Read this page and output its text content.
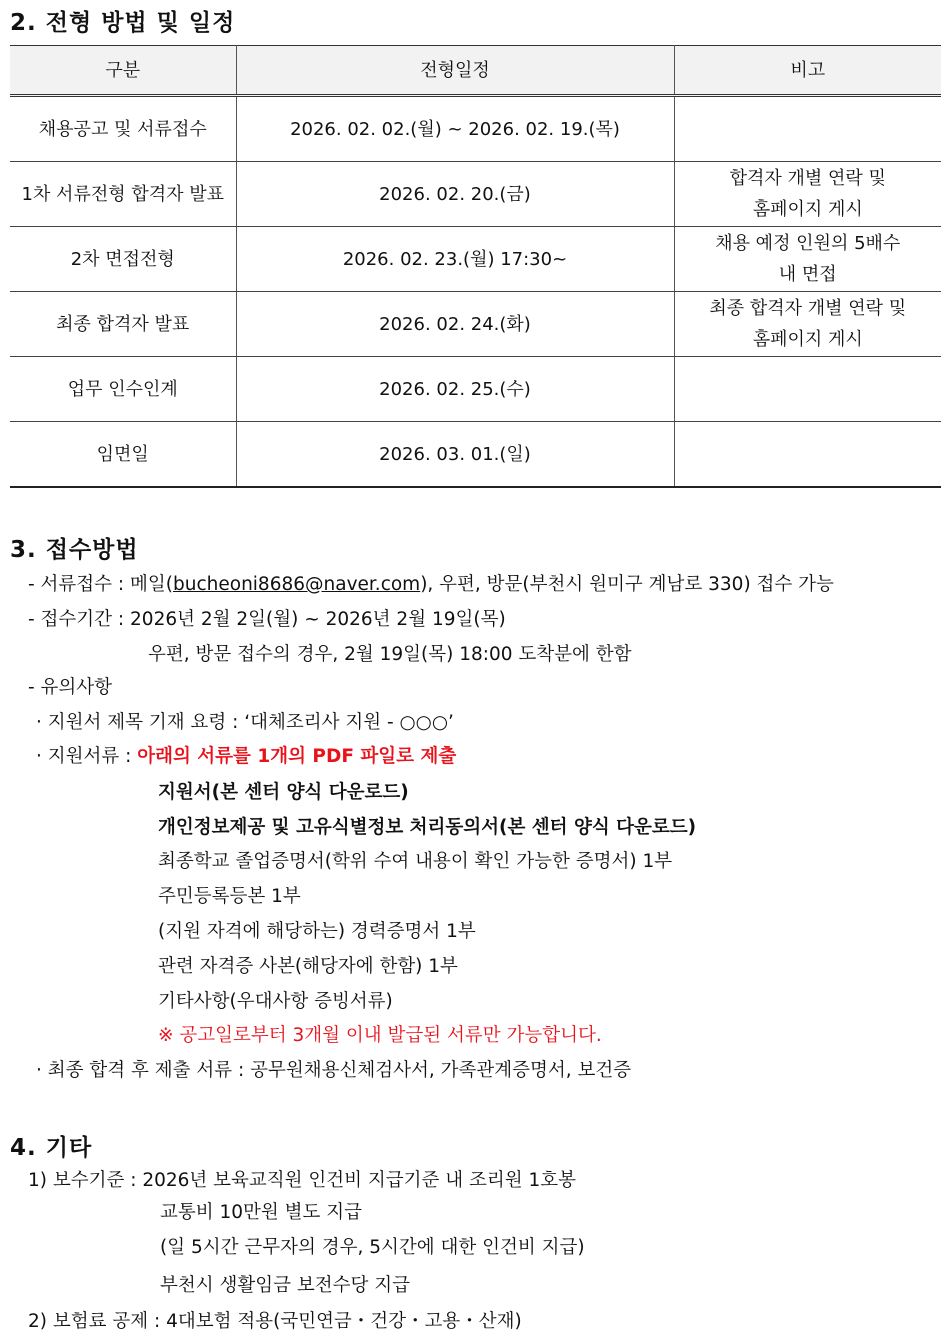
2. 전형 방법 및 일정
구분	전형일정	비고
채용공고 및 서류접수	2026. 02. 02.(월) ~ 2026. 02. 19.(목)	
1차 서류전형 합격자 발표	2026. 02. 20.(금)	합격자 개별 연락 및
홈페이지 게시

2차 면접전형	2026. 02. 23.(월) 17:30~	채용 예정 인원의 5배수
내 면접

최종 합격자 발표	2026. 02. 24.(화)	최종 합격자 개별 연락 및
홈페이지 게시

업무 인수인계	2026. 02. 25.(수)	
임면일	2026. 03. 01.(일)	
3. 접수방법

- 서류접수 : 메일(bucheoni8686@naver.com), 우편, 방문(부천시 원미구 계남로 330) 접수 가능

- 접수기간 : 2026년 2월 2일(월) ~ 2026년 2월 19일(목)

우편, 방문 접수의 경우, 2월 19일(목) 18:00 도착분에 한함

- 유의사항

· 지원서 제목 기재 요령 : ‘대체조리사 지원 - ○○○’

· 지원서류 : 아래의 서류를 1개의 PDF 파일로 제출

지원서(본 센터 양식 다운로드)

개인정보제공 및 고유식별정보 처리동의서(본 센터 양식 다운로드)

최종학교 졸업증명서(학위 수여 내용이 확인 가능한 증명서) 1부

주민등록등본 1부

(지원 자격에 해당하는) 경력증명서 1부

관련 자격증 사본(해당자에 한함) 1부

기타사항(우대사항 증빙서류)

※ 공고일로부터 3개월 이내 발급된 서류만 가능합니다.

· 최종 합격 후 제출 서류 : 공무원채용신체검사서, 가족관계증명서, 보건증

4. 기타

1) 보수기준 : 2026년 보육교직원 인건비 지급기준 내 조리원 1호봉

교통비 10만원 별도 지급

(일 5시간 근무자의 경우, 5시간에 대한 인건비 지급)

부천시 생활임금 보전수당 지급

2) 보험료 공제 : 4대보험 적용(국민연금・건강・고용・산재)
